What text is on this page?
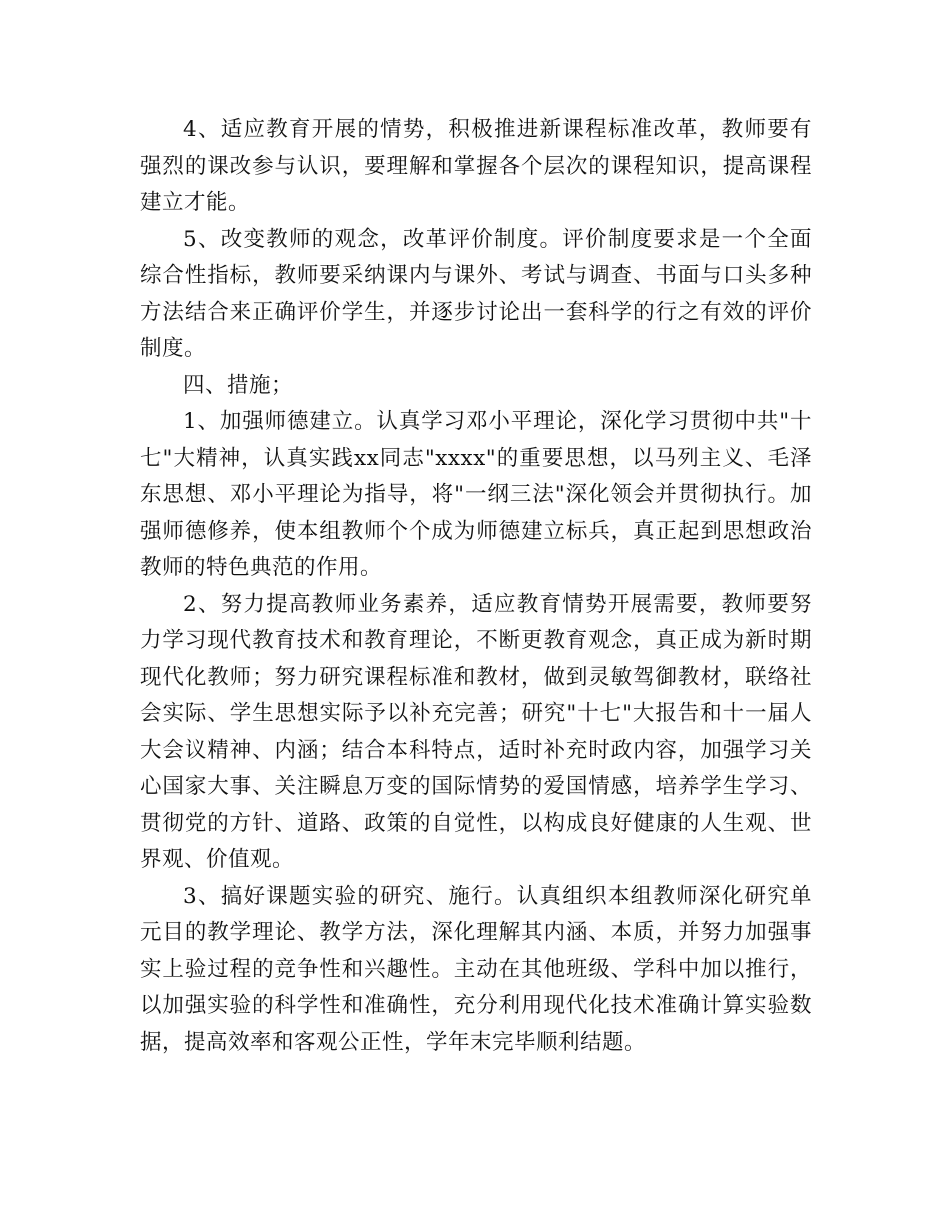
4、适应教育开展的情势，积极推进新课程标准改革，教师要有强烈的课改参与认识，要理解和掌握各个层次的课程知识，提高课程建立才能。

5、改变教师的观念，改革评价制度。评价制度要求是一个全面综合性指标，教师要采纳课内与课外、考试与调查、书面与口头多种方法结合来正确评价学生，并逐步讨论出一套科学的行之有效的评价制度。

四、措施；

1、加强师德建立。认真学习邓小平理论，深化学习贯彻中共"十七"大精神，认真实践xx同志"xxxx"的重要思想，以马列主义、毛泽东思想、邓小平理论为指导，将"一纲三法"深化领会并贯彻执行。加强师德修养，使本组教师个个成为师德建立标兵，真正起到思想政治教师的特色典范的作用。

2、努力提高教师业务素养，适应教育情势开展需要，教师要努力学习现代教育技术和教育理论，不断更教育观念，真正成为新时期现代化教师；努力研究课程标准和教材，做到灵敏驾御教材，联络社会实际、学生思想实际予以补充完善；研究"十七"大报告和十一届人大会议精神、内涵；结合本科特点，适时补充时政内容，加强学习关心国家大事、关注瞬息万变的国际情势的爱国情感，培养学生学习、贯彻党的方针、道路、政策的自觉性，以构成良好健康的人生观、世界观、价值观。

3、搞好课题实验的研究、施行。认真组织本组教师深化研究单元目的教学理论、教学方法，深化理解其内涵、本质，并努力加强事实上验过程的竞争性和兴趣性。主动在其他班级、学科中加以推行，以加强实验的科学性和准确性，充分利用现代化技术准确计算实验数据，提高效率和客观公正性，学年末完毕顺利结题。
